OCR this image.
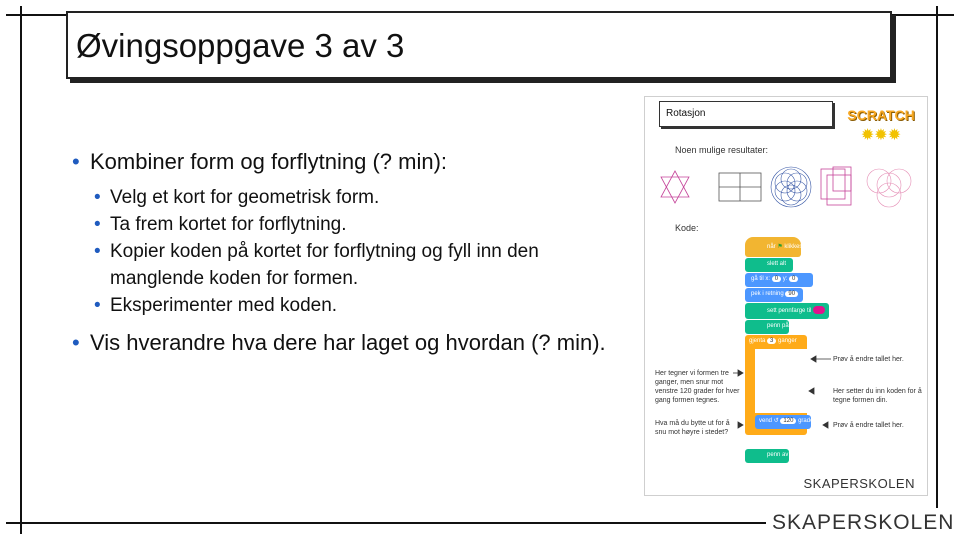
Øvingsoppgave 3 av 3
• Kombiner form og forflytning (? min):
• Velg et kort for geometrisk form.
• Ta frem kortet for forflytning.
• Kopier koden på kortet for forflytning og fyll inn den manglende koden for formen.
• Eksperimenter med koden.
• Vis hverandre hva dere har laget og hvordan (? min).
Rotasjon	SCRATCH
✹✹✹
Noen mulige resultater:
Kode:
når ⚑ klikkes
slett alt
gå til x: 0 y: 0
pek i retning 90
sett pennfarge til
penn på
gjenta 3 ganger
vend ↺ 120 grader
penn av
Her tegner vi formen tre ganger, men snur mot venstre 120 grader for hver gang formen tegnes.
Hva må du bytte ut for å snu mot høyre i stedet?
Prøv å endre tallet her.
Her setter du inn koden for å tegne formen din.
Prøv å endre tallet her.
SKAPERSKOLEN
SKAPERSKOLEN
